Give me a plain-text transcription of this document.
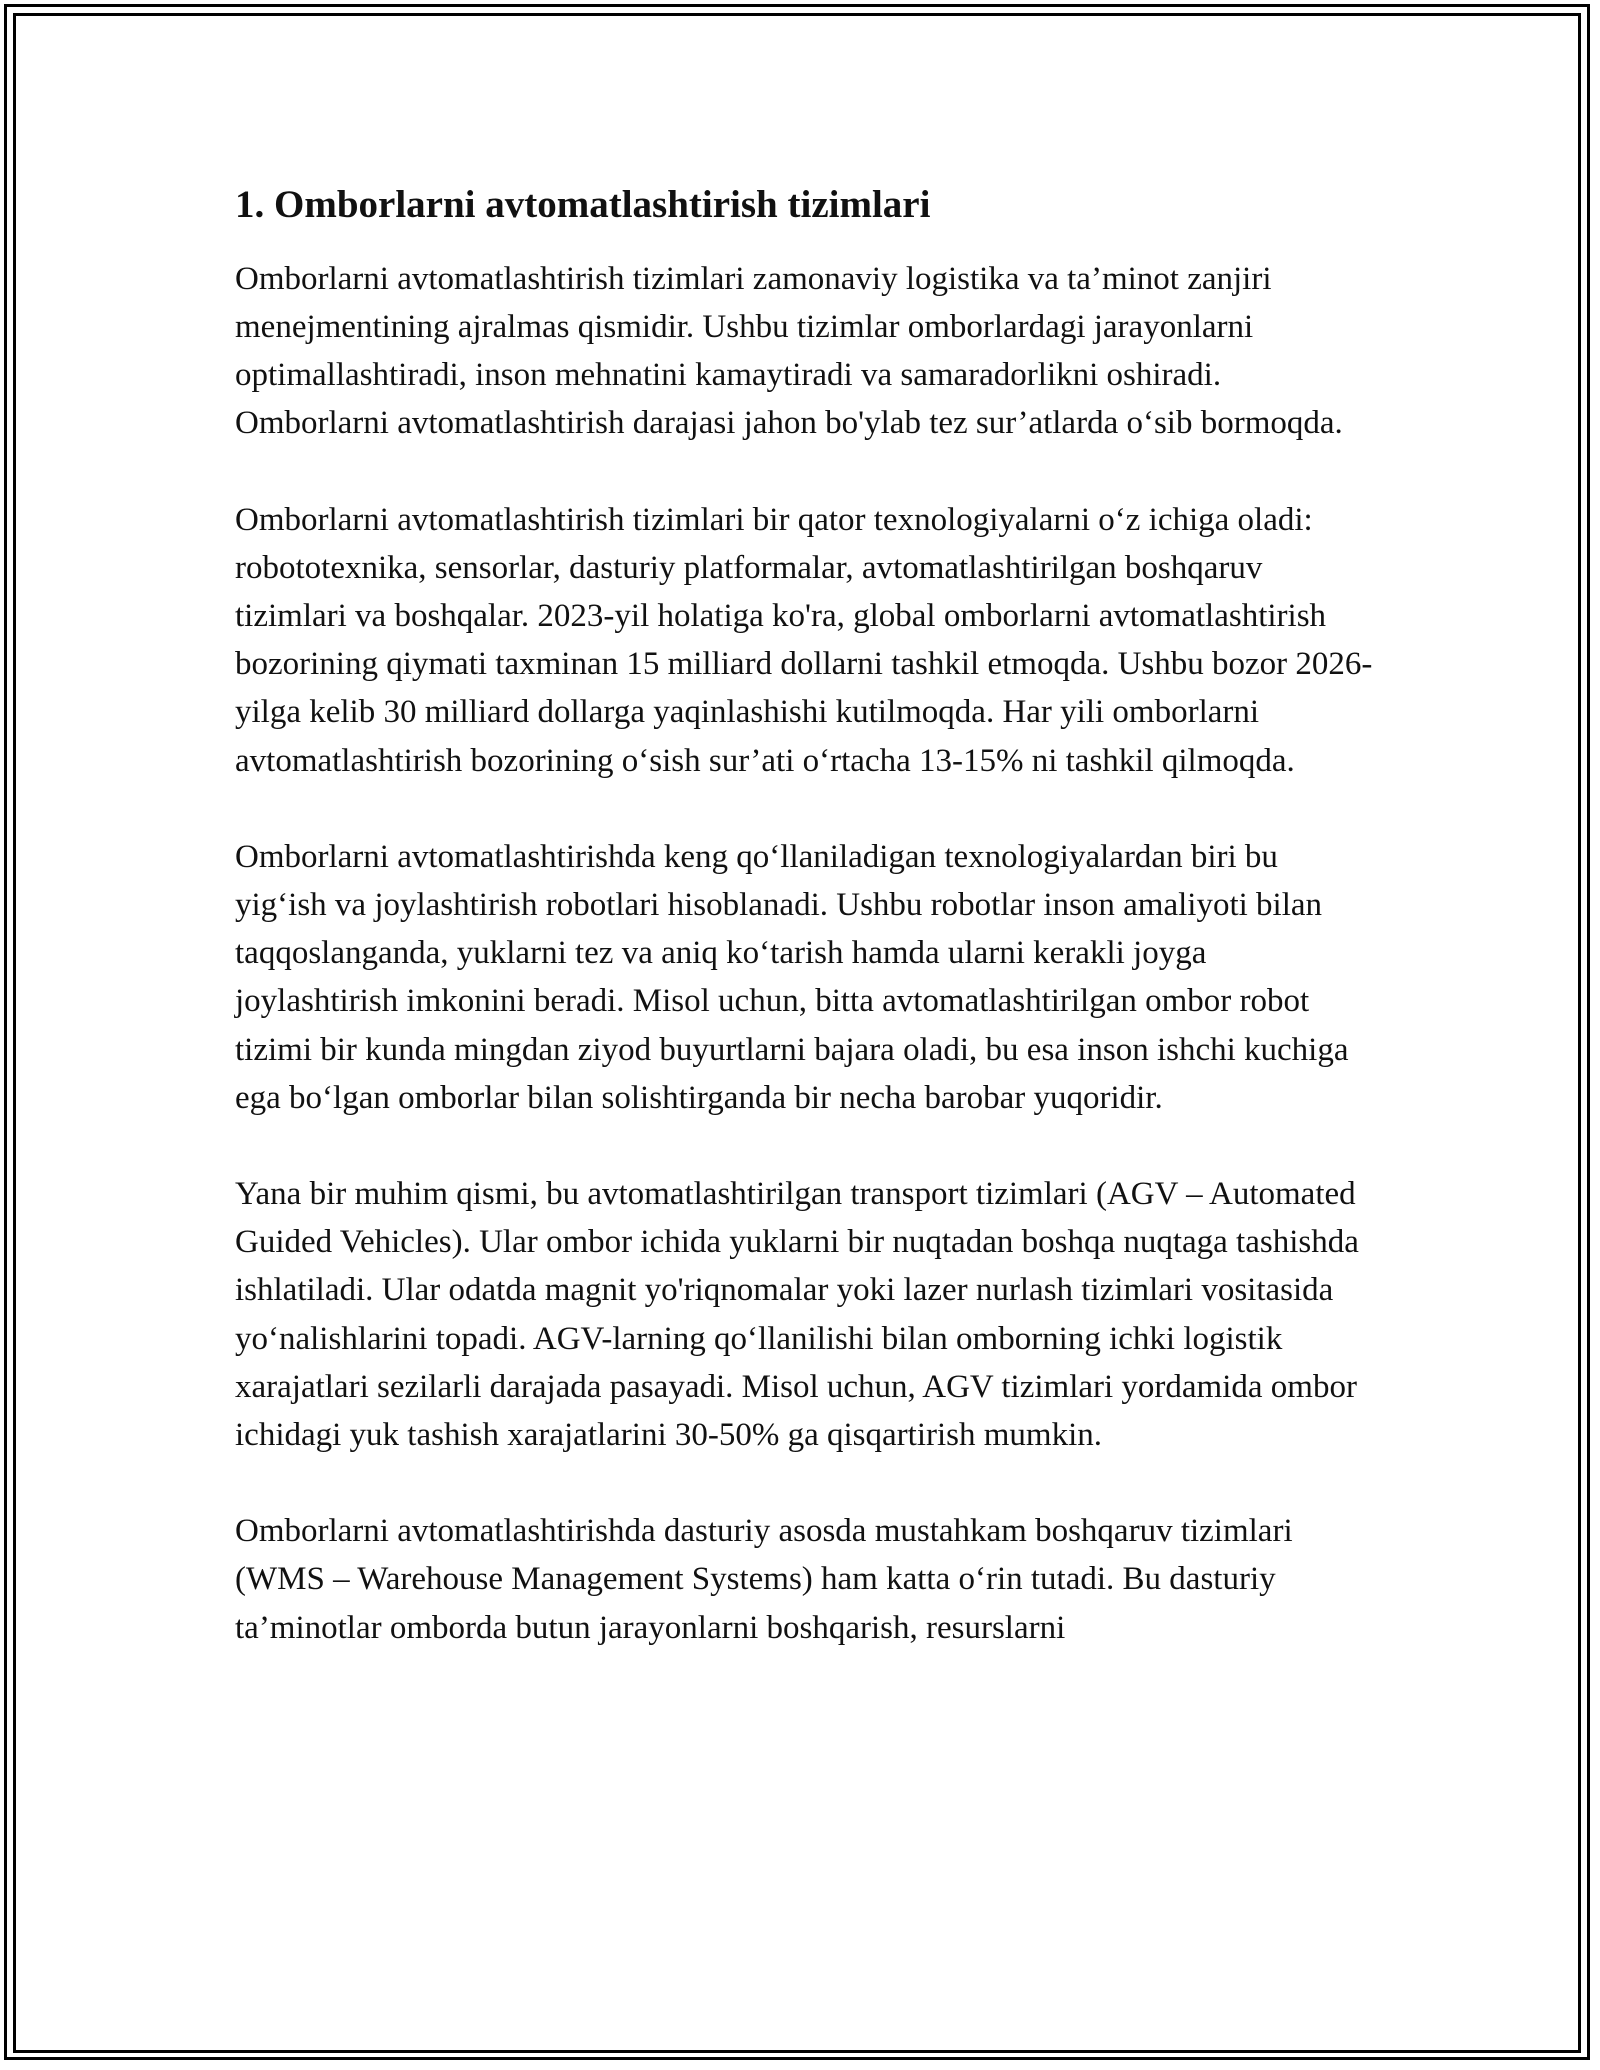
1. Omborlarni avtomatlashtirish tizimlari

Omborlarni avtomatlashtirish tizimlari zamonaviy logistika va ta’minot zanjiri menejmentining ajralmas qismidir. Ushbu tizimlar omborlardagi jarayonlarni optimallashtiradi, inson mehnatini kamaytiradi va samaradorlikni oshiradi. Omborlarni avtomatlashtirish darajasi jahon bo'ylab tez sur’atlarda o‘sib bormoqda.

Omborlarni avtomatlashtirish tizimlari bir qator texnologiyalarni o‘z ichiga oladi: robototexnika, sensorlar, dasturiy platformalar, avtomatlashtirilgan boshqaruv tizimlari va boshqalar. 2023-yil holatiga ko'ra, global omborlarni avtomatlashtirish bozorining qiymati taxminan 15 milliard dollarni tashkil etmoqda. Ushbu bozor 2026-yilga kelib 30 milliard dollarga yaqinlashishi kutilmoqda. Har yili omborlarni avtomatlashtirish bozorining o‘sish sur’ati o‘rtacha 13-15% ni tashkil qilmoqda.

Omborlarni avtomatlashtirishda keng qo‘llaniladigan texnologiyalardan biri bu yig‘ish va joylashtirish robotlari hisoblanadi. Ushbu robotlar inson amaliyoti bilan taqqoslanganda, yuklarni tez va aniq ko‘tarish hamda ularni kerakli joyga joylashtirish imkonini beradi. Misol uchun, bitta avtomatlashtirilgan ombor robot tizimi bir kunda mingdan ziyod buyurtlarni bajara oladi, bu esa inson ishchi kuchiga ega bo‘lgan omborlar bilan solishtirganda bir necha barobar yuqoridir.

Yana bir muhim qismi, bu avtomatlashtirilgan transport tizimlari (AGV – Automated Guided Vehicles). Ular ombor ichida yuklarni bir nuqtadan boshqa nuqtaga tashishda ishlatiladi. Ular odatda magnit yo'riqnomalar yoki lazer nurlash tizimlari vositasida yo‘nalishlarini topadi. AGV-larning qo‘llanilishi bilan omborning ichki logistik xarajatlari sezilarli darajada pasayadi. Misol uchun, AGV tizimlari yordamida ombor ichidagi yuk tashish xarajatlarini 30-50% ga qisqartirish mumkin.

Omborlarni avtomatlashtirishda dasturiy asosda mustahkam boshqaruv tizimlari (WMS – Warehouse Management Systems) ham katta o‘rin tutadi. Bu dasturiy ta’minotlar omborda butun jarayonlarni boshqarish, resurslarni
